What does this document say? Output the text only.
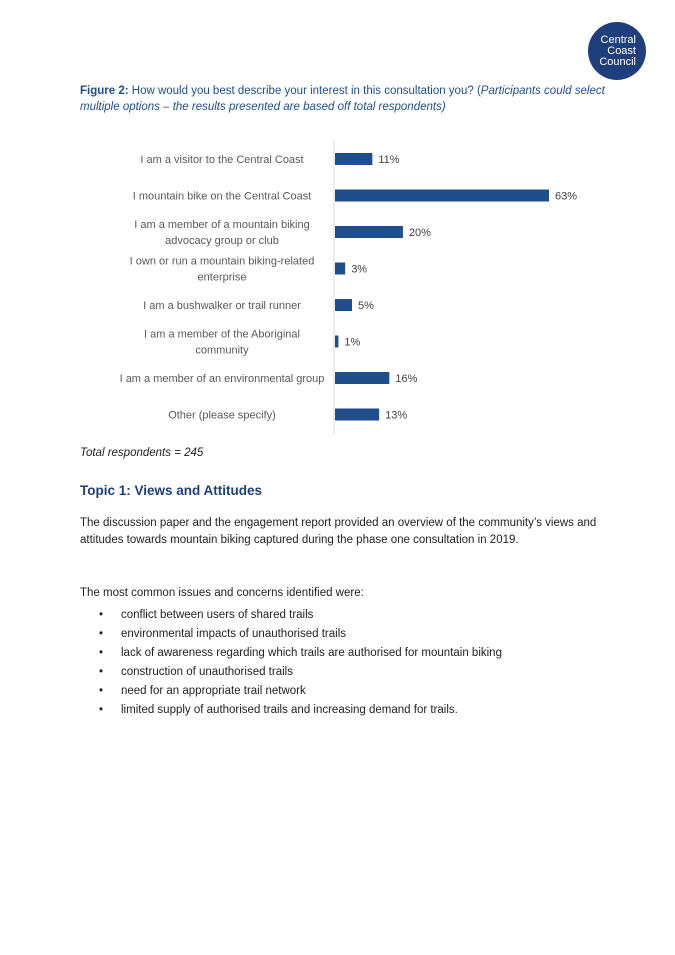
Central
Coast
Council
Figure 2: How would you best describe your interest in this consultation you? (Participants could select multiple options – the results presented are based off total respondents)
11%
I am a visitor to the Central Coast
63%
I mountain bike on the Central Coast
20%
I am a member of a mountain biking advocacy group or club
3%
I own or run a mountain biking-related enterprise
5%
I am a bushwalker or trail runner
1%
I am a member of the Aboriginal community
16%
I am a member of an environmental group
13%
Other (please specify)
Total respondents = 245
Topic 1: Views and Attitudes
The discussion paper and the engagement report provided an overview of the community’s views and attitudes towards mountain biking captured during the phase one consultation in 2019.
The most common issues and concerns identified were:
• conflict between users of shared trails
• environmental impacts of unauthorised trails
• lack of awareness regarding which trails are authorised for mountain biking
• construction of unauthorised trails
• need for an appropriate trail network
• limited supply of authorised trails and increasing demand for trails.
